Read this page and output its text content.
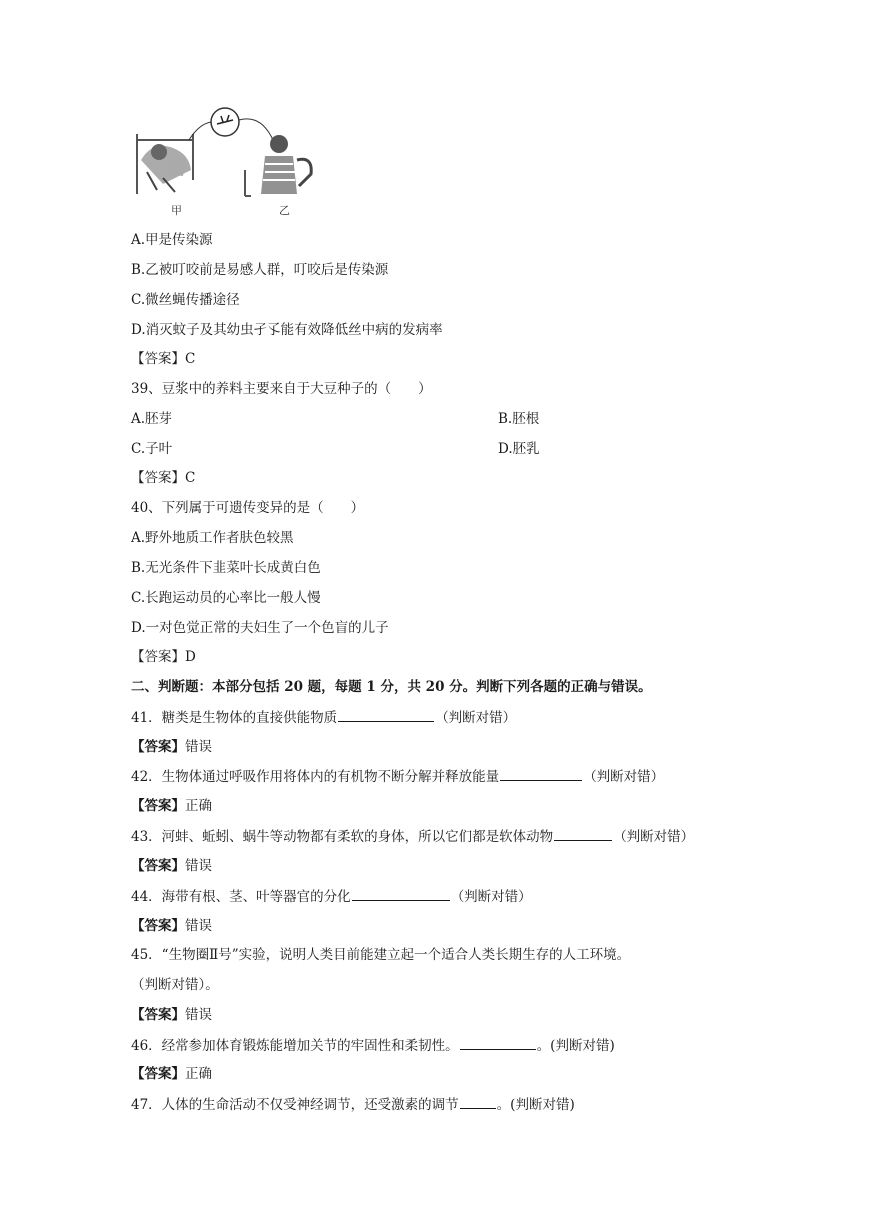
甲	乙
A.甲是传染源
B.乙被叮咬前是易感人群，叮咬后是传染源
C.微丝蝇传播途径
D.消灭蚊子及其幼虫孑孓能有效降低丝中病的发病率
【答案】C
39、豆浆中的养料主要来自于大豆种子的（　　）
A.胚芽	B.胚根
C.子叶	D.胚乳
【答案】C
40、下列属于可遗传变异的是（　　）
A.野外地质工作者肤色较黑
B.无光条件下韭菜叶长成黄白色
C.长跑运动员的心率比一般人慢
D.一对色觉正常的夫妇生了一个色盲的儿子
【答案】D
二、判断题：本部分包括 20 题，每题 1 分，共 20 分。判断下列各题的正确与错误。
41．糖类是生物体的直接供能物质	（判断对错）
【答案】错误
42．生物体通过呼吸作用将体内的有机物不断分解并释放能量	（判断对错）
【答案】正确
43．河蚌、蚯蚓、蜗牛等动物都有柔软的身体，所以它们都是软体动物	（判断对错）
【答案】错误
44．海带有根、茎、叶等器官的分化	（判断对错）
【答案】错误
45．“生物圈Ⅱ号”实验，说明人类目前能建立起一个适合人类长期生存的人工环境。
（判断对错）。
【答案】错误
46．经常参加体育锻炼能增加关节的牢固性和柔韧性。	。(判断对错)
【答案】正确
47．人体的生命活动不仅受神经调节，还受激素的调节	。(判断对错)
